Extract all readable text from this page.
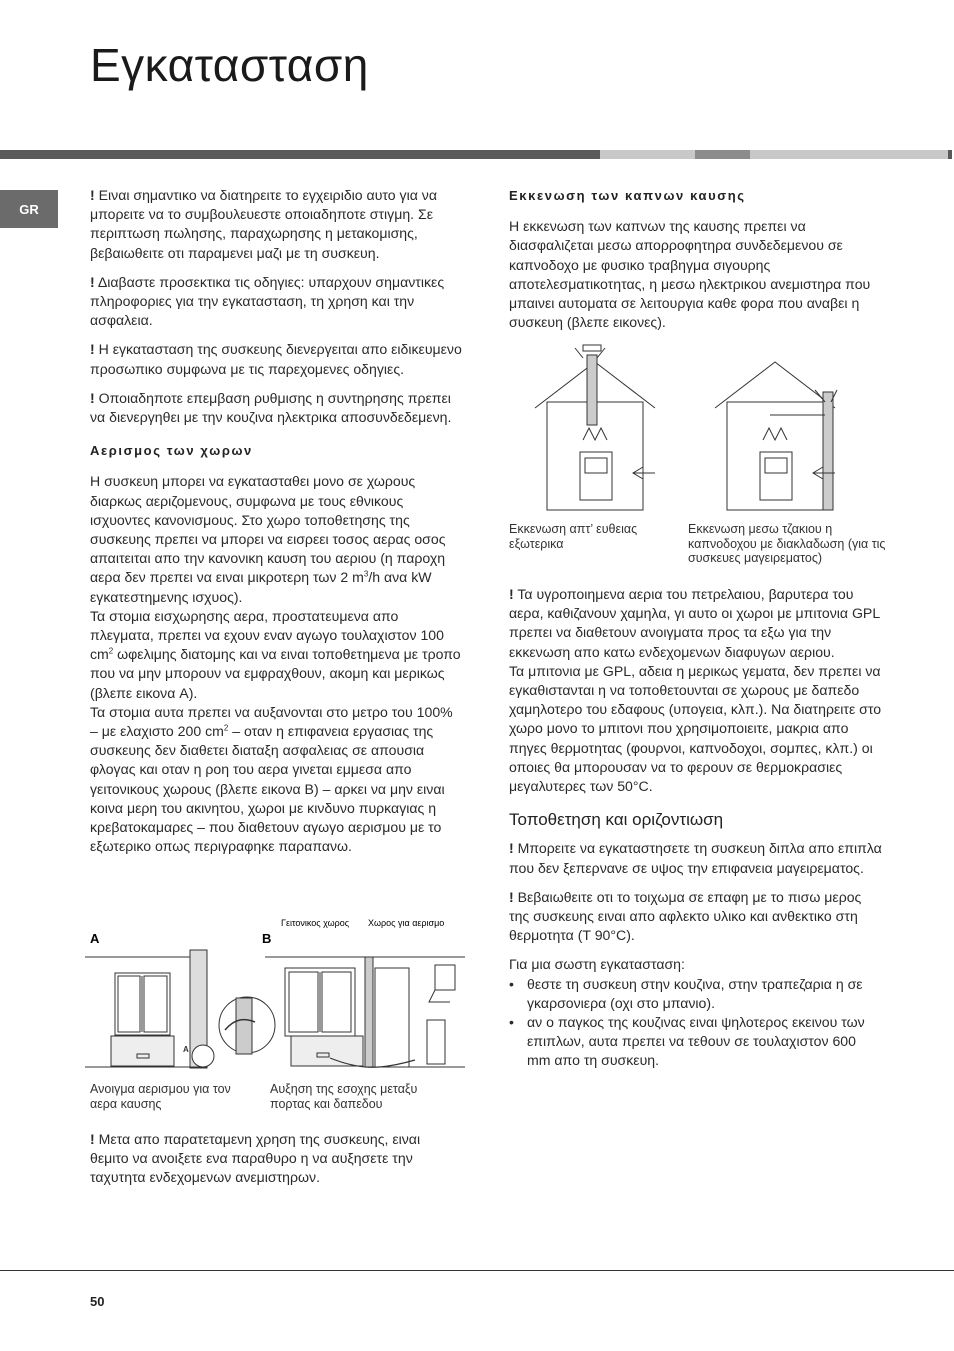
Εγκατασταση
GR

! Ειναι σημαντικο να διατηρειτε το εγχειριδιο αυτο για να μπορειτε να το συμβουλευεστε οποιαδηποτε στιγμη. Σε περιπτωση πωλησης, παραχωρησης η μετακομισης, βεβαιωθειτε οτι παραμενει μαζι με τη συσκευη.

! Διαβαστε προσεκτικα τις οδηγιες: υπαρχουν σημαντικες πληροφοριες για την εγκατασταση, τη χρηση και την ασφαλεια.

! Η εγκατασταση της συσκευης διενεργειται απο ειδικευμενο προσωπικο συμφωνα με τις παρεχομενες οδηγιες.

! Οποιαδηποτε επεμβαση ρυθμισης η συντηρησης πρεπει να διενεργηθει με την κουζινα ηλεκτρικα αποσυνδεδεμενη.

Αερισμος των χωρων

Η συσκευη μπορει να εγκατασταθει μονο σε χωρους διαρκως αεριζομενους, συμφωνα με τους εθνικους ισχυοντες κανονισμους. Στο χωρο τοποθετησης της συσκευης πρεπει να μπορει να εισρεει τοσος αερας οσος απαιτειται απο την κανονικη καυση του αεριου (η παροχη αερα δεν πρεπει να ειναι μικροτερη των 2 $m^3/h$ ανα kW εγκατεστημενης ισχυος).

Τα στομια εισχωρησης αερα, προστατευμενα απο πλεγματα, πρεπει να εχουν εναν αγωγο τουλαχιστον 100 $cm^2$ ωφελιμης διατομης και να ειναι τοποθετημενα με τροπο που να μην μπορουν να εμφραχθουν, ακομη και μερικως (βλεπε εικονα A).

Τα στομια αυτα πρεπει να αυξανονται στο μετρο του 100% – με ελαχιστο 200 $cm^2$ – οταν η επιφανεια εργασιας της συσκευης δεν διαθετει διαταξη ασφαλειας σε απουσια φλογας και οταν η ροη του αερα γινεται εμμεσα απο γειτονικους χωρους (βλεπε εικονα B) – αρκει να μην ειναι κοινα μερη του ακινητου, χωροι με κινδυνο πυρκαγιας η κρεβατοκαμαρες – που διαθετουν αγωγο αερισμου με το εξωτερικο οπως περιγραφηκε παραπανω.

A	B
Γειτονικος χωρος Χωρος για αερισμο
A
Ανοιγμα αερισμου για τον αερα καυσης
Αυξηση της εσοχης μεταξυ πορτας και δαπεδου

! Μετα απο παρατεταμενη χρηση της συσκευης, ειναι θεμιτο να ανοιξετε ενα παραθυρο η να αυξησετε την ταχυτητα ενδεχομενων ανεμιστηρων.

Εκκενωση των καπνων καυσης

Η εκκενωση των καπνων της καυσης πρεπει να διασφαλιζεται μεσω απορροφητηρα συνδεδεμενου σε καπνοδοχο με φυσικο τραβηγμα σιγουρης αποτελεσματικοτητας, η μεσω ηλεκτρικου ανεμιστηρα που μπαινει αυτοματα σε λειτουργια καθε φορα που αναβει η συσκευη (βλεπε εικονες).

Εκκενωση απτ’ ευθειας εξωτερικα
Εκκενωση μεσω τζακιου η καπνοδοχου με διακλαδωση (για τις συσκευες μαγειρεματος)

! Τα υγροποιημενα αερια του πετρελαιου, βαρυτερα του αερα, καθιζανουν χαμηλα, γι αυτο οι χωροι με μπιτονια GPL πρεπει να διαθετουν ανοιγματα προς τα εξω για την εκκενωση απο κατω ενδεχομενων διαφυγων αεριου.

Τα μπιτονια με GPL, αδεια η μερικως γεματα, δεν πρεπει να εγκαθιστανται η να τοποθετουνται σε χωρους με δαπεδο χαμηλοτερο του εδαφους (υπογεια, κλπ.). Να διατηρειτε στο χωρο μονο το μπιτονι που χρησιμοποιειτε, μακρια απο πηγες θερμοτητας (φουρνοι, καπνοδοχοι, σομπες, κλπ.) οι οποιες θα μπορουσαν να το φερουν σε θερμοκρασιες μεγαλυτερες των 50°C.

Τοποθετηση και οριζοντιωση

! Μπορειτε να εγκαταστησετε τη συσκευη διπλα απο επιπλα που δεν ξεπερνανε σε υψος την επιφανεια μαγειρεματος.

! Βεβαιωθειτε οτι το τοιχωμα σε επαφη με το πισω μερος της συσκευης ειναι απο αφλεκτο υλικο και ανθεκτικο στη θερμοτητα (T 90°C).

Για μια σωστη εγκατασταση:

• θεστε τη συσκευη στην κουζινα, στην τραπεζαρια η σε γκαρσονιερα (οχι στο μπανιο).
• αν ο παγκος της κουζινας ειναι ψηλοτερος εκεινου των επιπλων, αυτα πρεπει να τεθουν σε τουλαχιστον 600 mm απο τη συσκευη.
50
